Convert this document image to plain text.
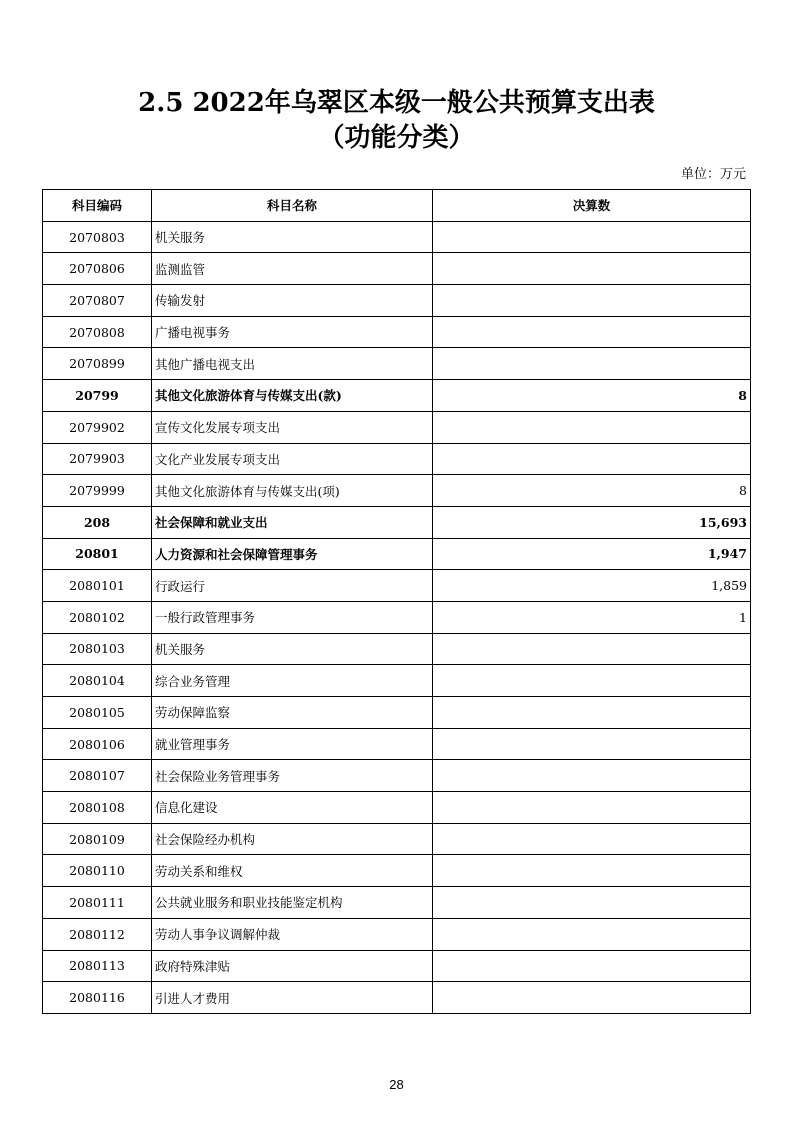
2.5 2022年乌翠区本级一般公共预算支出表
（功能分类）
单位：万元
科目编码	科目名称	决算数
2070803	机关服务	
2070806	监测监管	
2070807	传输发射	
2070808	广播电视事务	
2070899	其他广播电视支出	
20799	其他文化旅游体育与传媒支出(款)	8
2079902	宣传文化发展专项支出	
2079903	文化产业发展专项支出	
2079999	其他文化旅游体育与传媒支出(项)	8
208	社会保障和就业支出	15,693
20801	人力资源和社会保障管理事务	1,947
2080101	行政运行	1,859
2080102	一般行政管理事务	1
2080103	机关服务	
2080104	综合业务管理	
2080105	劳动保障监察	
2080106	就业管理事务	
2080107	社会保险业务管理事务	
2080108	信息化建设	
2080109	社会保险经办机构	
2080110	劳动关系和维权	
2080111	公共就业服务和职业技能鉴定机构	
2080112	劳动人事争议调解仲裁	
2080113	政府特殊津贴	
2080116	引进人才费用	
28
